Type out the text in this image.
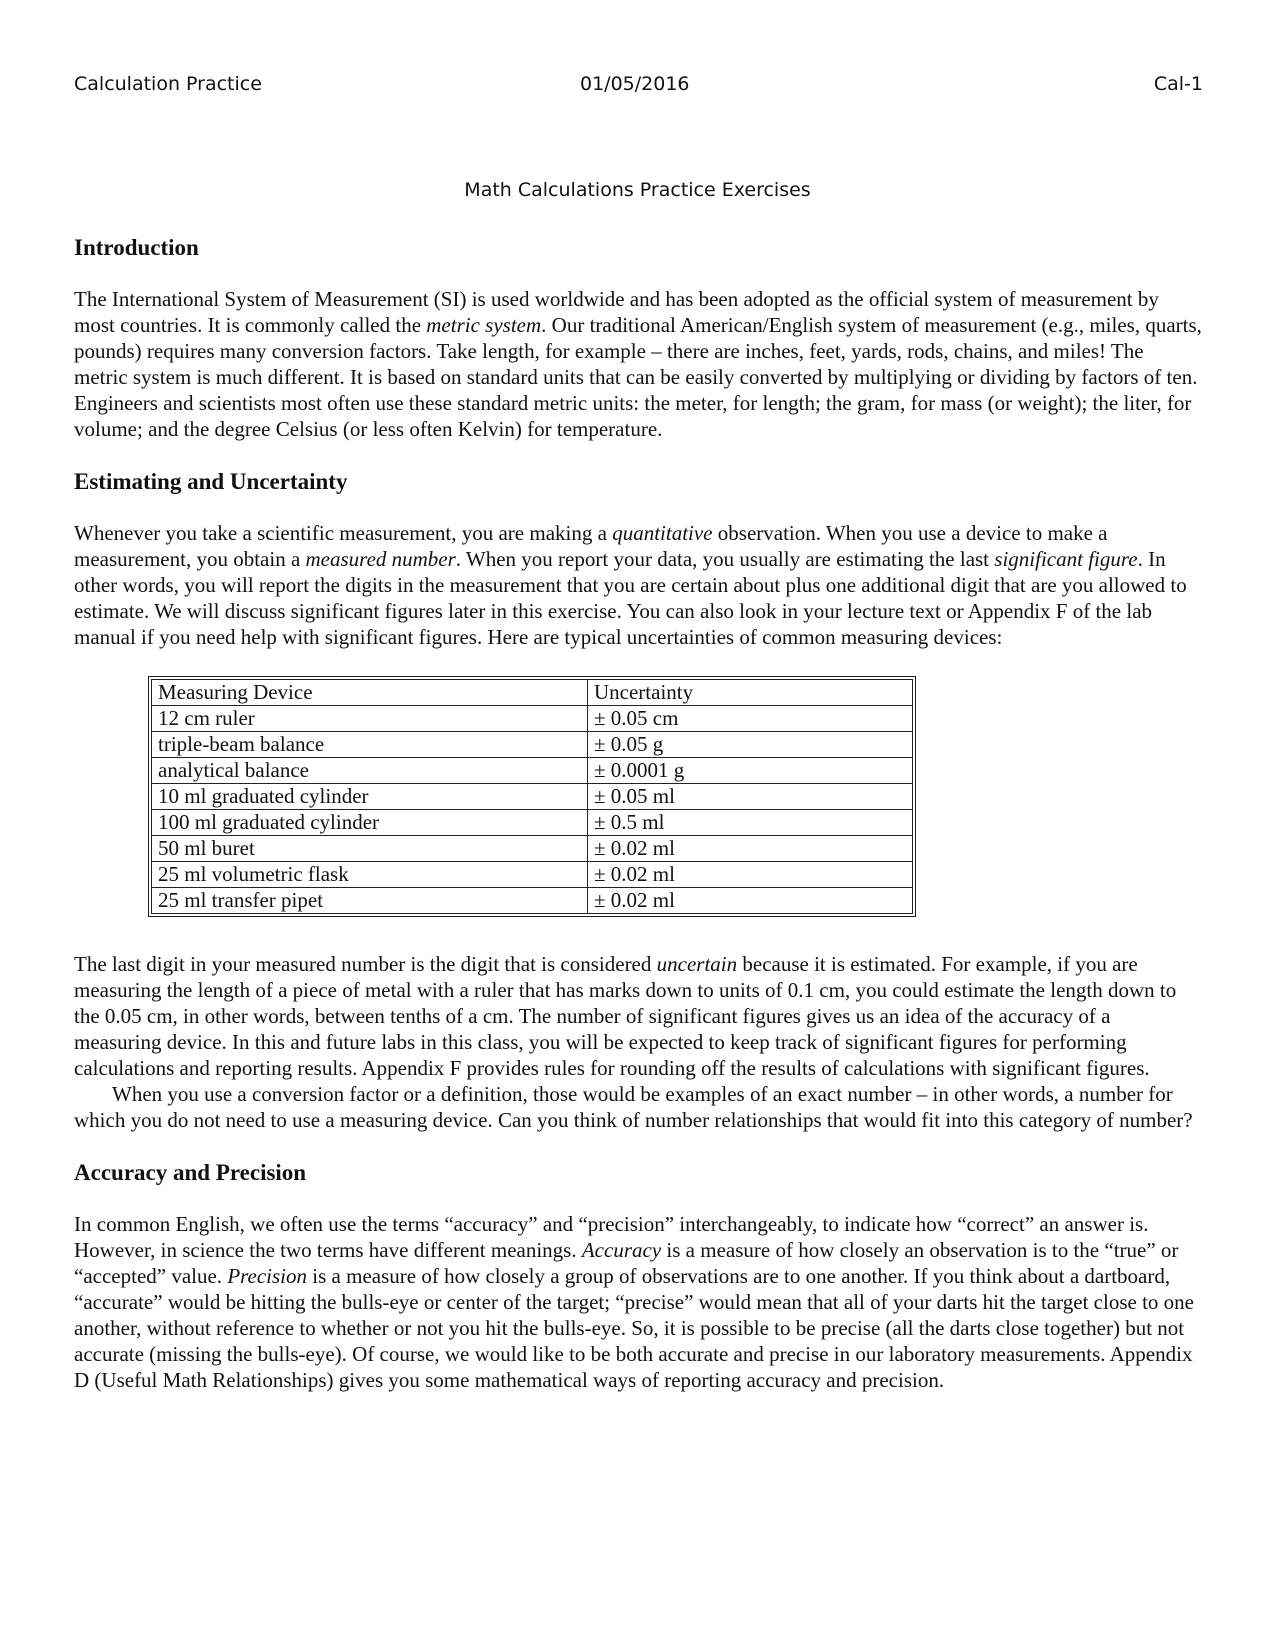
Calculation Practice	01/05/2016	Cal-1
Math Calculations Practice Exercises
Introduction

The International System of Measurement (SI) is used worldwide and has been adopted as the official system of measurement by most countries. It is commonly called the metric system. Our traditional American/English system of measurement (e.g., miles, quarts, pounds) requires many conversion factors. Take length, for example – there are inches, feet, yards, rods, chains, and miles! The metric system is much different. It is based on standard units that can be easily converted by multiplying or dividing by factors of ten. Engineers and scientists most often use these standard metric units: the meter, for length; the gram, for mass (or weight); the liter, for volume; and the degree Celsius (or less often Kelvin) for temperature.

Estimating and Uncertainty

Whenever you take a scientific measurement, you are making a quantitative observation. When you use a device to make a measurement, you obtain a measured number. When you report your data, you usually are estimating the last significant figure. In other words, you will report the digits in the measurement that you are certain about plus one additional digit that are you allowed to estimate. We will discuss significant figures later in this exercise. You can also look in your lecture text or Appendix F of the lab manual if you need help with significant figures. Here are typical uncertainties of common measuring devices:

Measuring Device	Uncertainty
12 cm ruler	± 0.05 cm
triple-beam balance	± 0.05 g
analytical balance	± 0.0001 g
10 ml graduated cylinder	± 0.05 ml
100 ml graduated cylinder	± 0.5 ml
50 ml buret	± 0.02 ml
25 ml volumetric flask	± 0.02 ml
25 ml transfer pipet	± 0.02 ml

The last digit in your measured number is the digit that is considered uncertain because it is estimated. For example, if you are measuring the length of a piece of metal with a ruler that has marks down to units of 0.1 cm, you could estimate the length down to the 0.05 cm, in other words, between tenths of a cm. The number of significant figures gives us an idea of the accuracy of a measuring device. In this and future labs in this class, you will be expected to keep track of significant figures for performing calculations and reporting results. Appendix F provides rules for rounding off the results of calculations with significant figures.

When you use a conversion factor or a definition, those would be examples of an exact number – in other words, a number for which you do not need to use a measuring device. Can you think of number relationships that would fit into this category of number?

Accuracy and Precision

In common English, we often use the terms “accuracy” and “precision” interchangeably, to indicate how “correct” an answer is. However, in science the two terms have different meanings. Accuracy is a measure of how closely an observation is to the “true” or “accepted” value. Precision is a measure of how closely a group of observations are to one another. If you think about a dartboard, “accurate” would be hitting the bulls-eye or center of the target; “precise” would mean that all of your darts hit the target close to one another, without reference to whether or not you hit the bulls-eye. So, it is possible to be precise (all the darts close together) but not accurate (missing the bulls-eye). Of course, we would like to be both accurate and precise in our laboratory measurements. Appendix D (Useful Math Relationships) gives you some mathematical ways of reporting accuracy and precision.
